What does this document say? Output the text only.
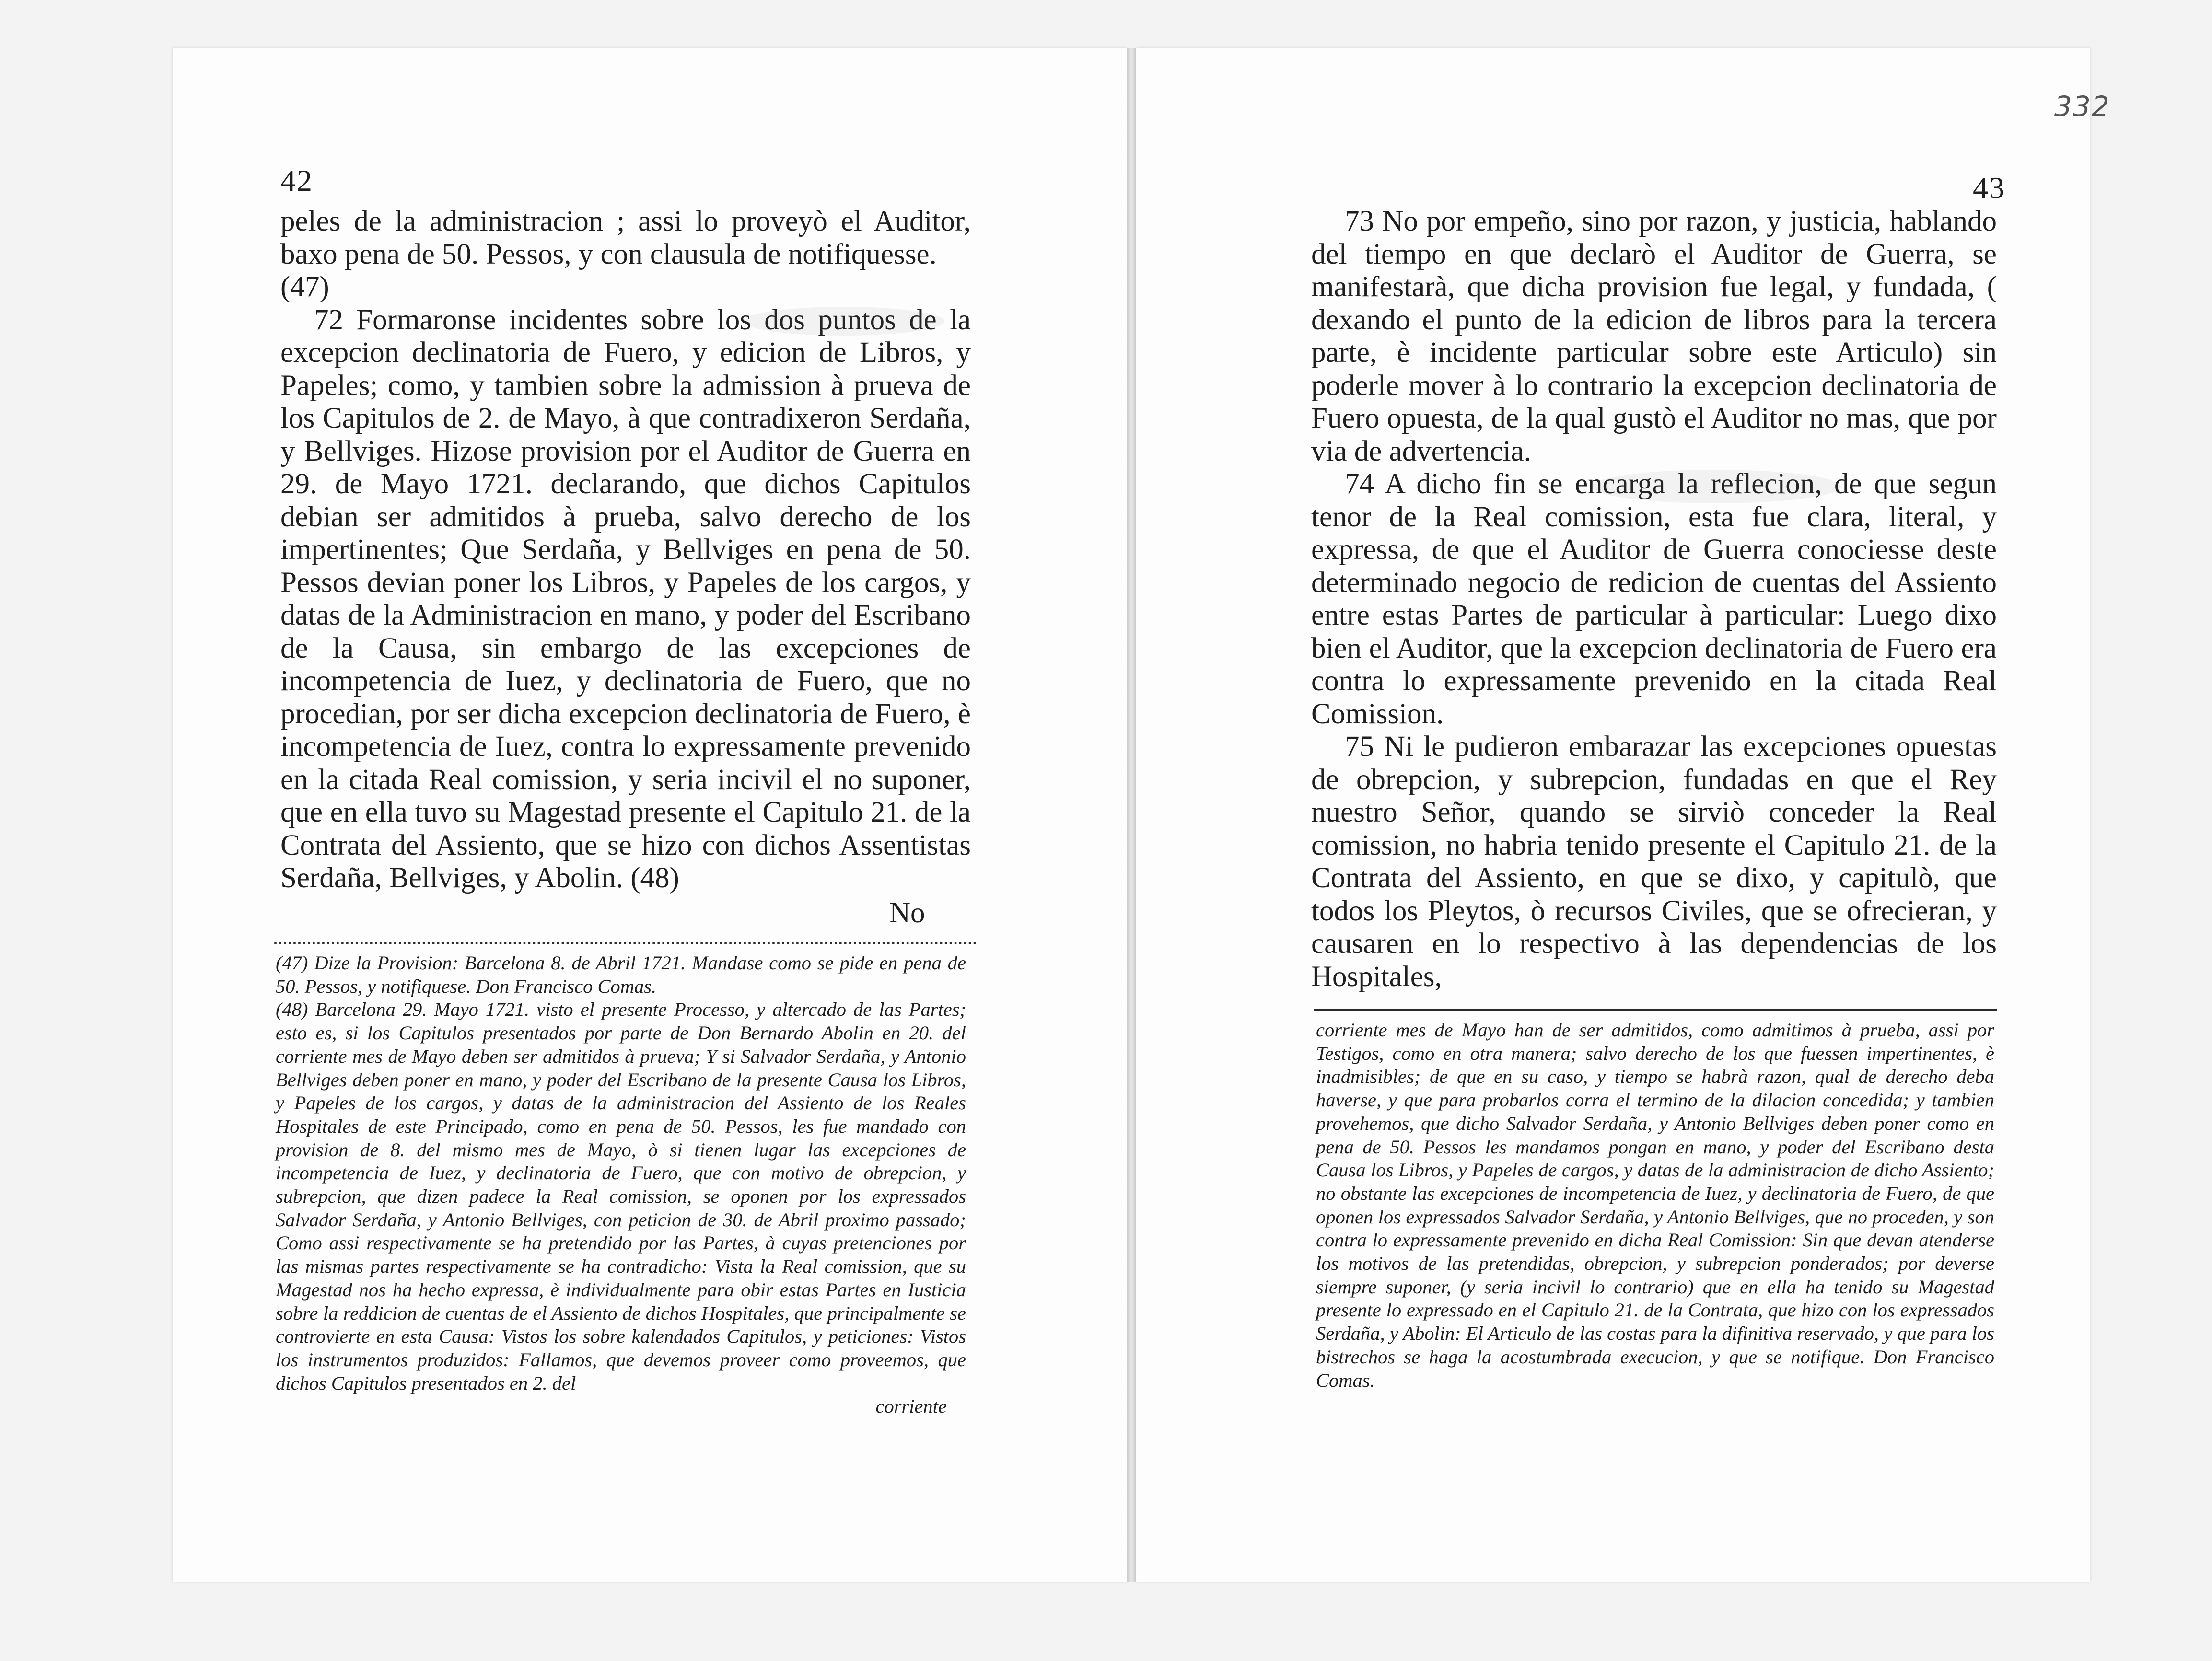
42

peles de la administracion ; assi lo proveyò el Auditor, baxo pena de 50. Pessos, y con clausula de notifiquesse.

(47)

72 Formaronse incidentes sobre los dos puntos de la excepcion declinatoria de Fuero, y edicion de Libros, y Papeles; como, y tambien sobre la admission à prueva de los Capitulos de 2. de Mayo, à que contradixeron Serdaña, y Bellviges. Hizose provision por el Auditor de Guerra en 29. de Mayo 1721. declarando, que dichos Capitulos debian ser admitidos à prueba, salvo derecho de los impertinentes; Que Serdaña, y Bellviges en pena de 50. Pessos devian poner los Libros, y Papeles de los cargos, y datas de la Administracion en mano, y poder del Escribano de la Causa, sin embargo de las excepciones de incompetencia de Iuez, y declinatoria de Fuero, que no procedian, por ser dicha excepcion declinatoria de Fuero, è incompetencia de Iuez, contra lo expressamente prevenido en la citada Real comission, y seria incivil el no suponer, que en ella tuvo su Magestad presente el Capitulo 21. de la Contrata del Assiento, que se hizo con dichos Assentistas Serdaña, Bellviges, y Abolin. (48)

No

(47) Dize la Provision: Barcelona 8. de Abril 1721. Mandase como se pide en pena de 50. Pessos, y notifiquese. Don Francisco Comas.

(48) Barcelona 29. Mayo 1721. visto el presente Processo, y altercado de las Partes; esto es, si los Capitulos presentados por parte de Don Bernardo Abolin en 20. del corriente mes de Mayo deben ser admitidos à prueva; Y si Salvador Serdaña, y Antonio Bellviges deben poner en mano, y poder del Escribano de la presente Causa los Libros, y Papeles de los cargos, y datas de la administracion del Assiento de los Reales Hospitales de este Principado, como en pena de 50. Pessos, les fue mandado con provision de 8. del mismo mes de Mayo, ò si tienen lugar las excepciones de incompetencia de Iuez, y declinatoria de Fuero, que con motivo de obrepcion, y subrepcion, que dizen padece la Real comission, se oponen por los expressados Salvador Serdaña, y Antonio Bellviges, con peticion de 30. de Abril proximo passado; Como assi respectivamente se ha pretendido por las Partes, à cuyas pretenciones por las mismas partes respectivamente se ha contradicho: Vista la Real comission, que su Magestad nos ha hecho expressa, è individualmente para obir estas Partes en Iusticia sobre la reddicion de cuentas de el Assiento de dichos Hospitales, que principalmente se controvierte en esta Causa: Vistos los sobre kalendados Capitulos, y peticiones: Vistos los instrumentos produzidos: Fallamos, que devemos proveer como proveemos, que dichos Capitulos presentados en 2. del

corriente

332
43

73 No por empeño, sino por razon, y justicia, hablando del tiempo en que declarò el Auditor de Guerra, se manifestarà, que dicha provision fue legal, y fundada, ( dexando el punto de la edicion de libros para la tercera parte, è incidente particular sobre este Articulo) sin poderle mover à lo contrario la excepcion declinatoria de Fuero opuesta, de la qual gustò el Auditor no mas, que por via de advertencia.

74 A dicho fin se encarga la reflecion, de que segun tenor de la Real comission, esta fue clara, literal, y expressa, de que el Auditor de Guerra conociesse deste determinado negocio de redicion de cuentas del Assiento entre estas Partes de particular à particular: Luego dixo bien el Auditor, que la excepcion declinatoria de Fuero era contra lo expressamente prevenido en la citada Real Comission.

75 Ni le pudieron embarazar las excepciones opuestas de obrepcion, y subrepcion, fundadas en que el Rey nuestro Señor, quando se sirviò conceder la Real comission, no habria tenido presente el Capitulo 21. de la Contrata del Assiento, en que se dixo, y capitulò, que todos los Pleytos, ò recursos Civiles, que se ofrecieran, y causaren en lo respectivo à las dependencias de los Hospitales,

corriente mes de Mayo han de ser admitidos, como admitimos à prueba, assi por Testigos, como en otra manera; salvo derecho de los que fuessen impertinentes, è inadmisibles; de que en su caso, y tiempo se habrà razon, qual de derecho deba haverse, y que para probarlos corra el termino de la dilacion concedida; y tambien provehemos, que dicho Salvador Serdaña, y Antonio Bellviges deben poner como en pena de 50. Pessos les mandamos pongan en mano, y poder del Escribano desta Causa los Libros, y Papeles de cargos, y datas de la administracion de dicho Assiento; no obstante las excepciones de incompetencia de Iuez, y declinatoria de Fuero, de que oponen los expressados Salvador Serdaña, y Antonio Bellviges, que no proceden, y son contra lo expressamente prevenido en dicha Real Comission: Sin que devan atenderse los motivos de las pretendidas, obrepcion, y subrepcion ponderados; por deverse siempre suponer, (y seria incivil lo contrario) que en ella ha tenido su Magestad presente lo expressado en el Capitulo 21. de la Contrata, que hizo con los expressados Serdaña, y Abolin: El Articulo de las costas para la difinitiva reservado, y que para los bistrechos se haga la acostumbrada execucion, y que se notifique. Don Francisco Comas.
